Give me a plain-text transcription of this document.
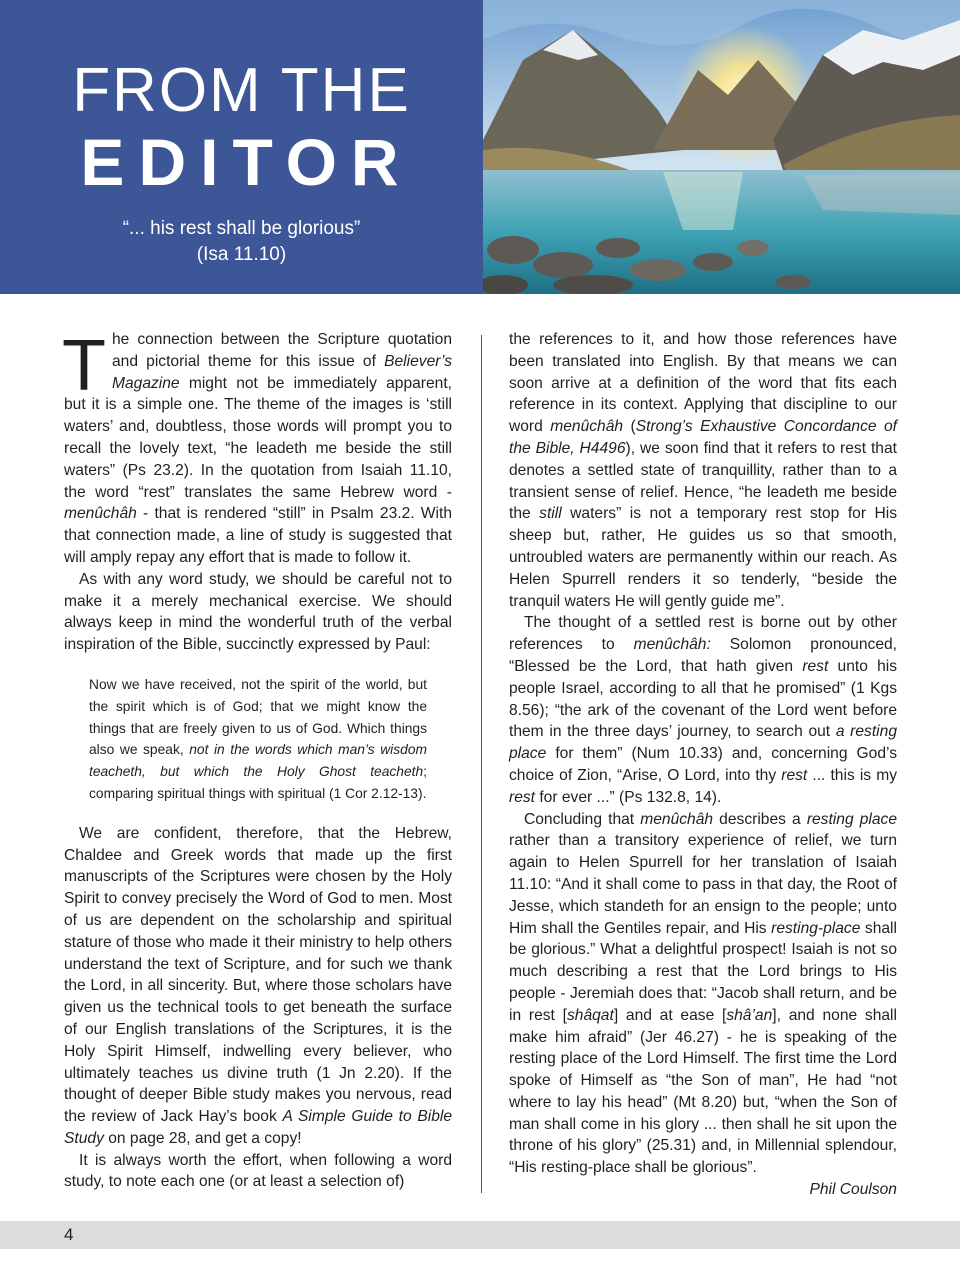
FROM THE
EDITOR
“... his rest shall be glorious”
(Isa 11.10)

The connection between the Scripture quotation and pictorial theme for this issue of Believer’s Magazine might not be immediately apparent, but it is a simple one. The theme of the images is ‘still waters’ and, doubtless, those words will prompt you to recall the lovely text, “he leadeth me beside the still waters” (Ps 23.2). In the quotation from Isaiah 11.10, the word “rest” translates the same Hebrew word - menûchâh - that is rendered “still” in Psalm 23.2. With that connection made, a line of study is suggested that will amply repay any effort that is made to follow it.

As with any word study, we should be careful not to make it a merely mechanical exercise. We should always keep in mind the wonderful truth of the verbal inspiration of the Bible, succinctly expressed by Paul:

Now we have received, not the spirit of the world, but the spirit which is of God; that we might know the things that are freely given to us of God. Which things also we speak, not in the words which man’s wisdom teacheth, but which the Holy Ghost teacheth; comparing spiritual things with spiritual (1 Cor 2.12-13).

We are confident, therefore, that the Hebrew, Chaldee and Greek words that made up the first manuscripts of the Scriptures were chosen by the Holy Spirit to convey precisely the Word of God to men. Most of us are dependent on the scholarship and spiritual stature of those who made it their ministry to help others understand the text of Scripture, and for such we thank the Lord, in all sincerity. But, where those scholars have given us the technical tools to get beneath the surface of our English translations of the Scriptures, it is the Holy Spirit Himself, indwelling every believer, who ultimately teaches us divine truth (1 Jn 2.20). If the thought of deeper Bible study makes you nervous, read the review of Jack Hay’s book A Simple Guide to Bible Study on page 28, and get a copy!

It is always worth the effort, when following a word study, to note each one (or at least a selection of)

the references to it, and how those references have been translated into English. By that means we can soon arrive at a definition of the word that fits each reference in its context. Applying that discipline to our word menûchâh (Strong’s Exhaustive Concordance of the Bible, H4496), we soon find that it refers to rest that denotes a settled state of tranquillity, rather than to a transient sense of relief. Hence, “he leadeth me beside the still waters” is not a temporary rest stop for His sheep but, rather, He guides us so that smooth, untroubled waters are permanently within our reach. As Helen Spurrell renders it so tenderly, “beside the tranquil waters He will gently guide me”.

The thought of a settled rest is borne out by other references to menûchâh: Solomon pronounced, “Blessed be the Lord, that hath given rest unto his people Israel, according to all that he promised” (1 Kgs 8.56); “the ark of the covenant of the Lord went before them in the three days’ journey, to search out a resting place for them” (Num 10.33) and, concerning God’s choice of Zion, “Arise, O Lord, into thy rest ... this is my rest for ever ...” (Ps 132.8, 14).

Concluding that menûchâh describes a resting place rather than a transitory experience of relief, we turn again to Helen Spurrell for her translation of Isaiah 11.10: “And it shall come to pass in that day, the Root of Jesse, which standeth for an ensign to the people; unto Him shall the Gentiles repair, and His resting-place shall be glorious.” What a delightful prospect! Isaiah is not so much describing a rest that the Lord brings to His people - Jeremiah does that: “Jacob shall return, and be in rest [shâqat] and at ease [shâ’an], and none shall make him afraid” (Jer 46.27) - he is speaking of the resting place of the Lord Himself. The first time the Lord spoke of Himself as “the Son of man”, He had “not where to lay his head” (Mt 8.20) but, “when the Son of man shall come in his glory ... then shall he sit upon the throne of his glory” (25.31) and, in Millennial splendour, “His resting-place shall be glorious”.

Phil Coulson

4
